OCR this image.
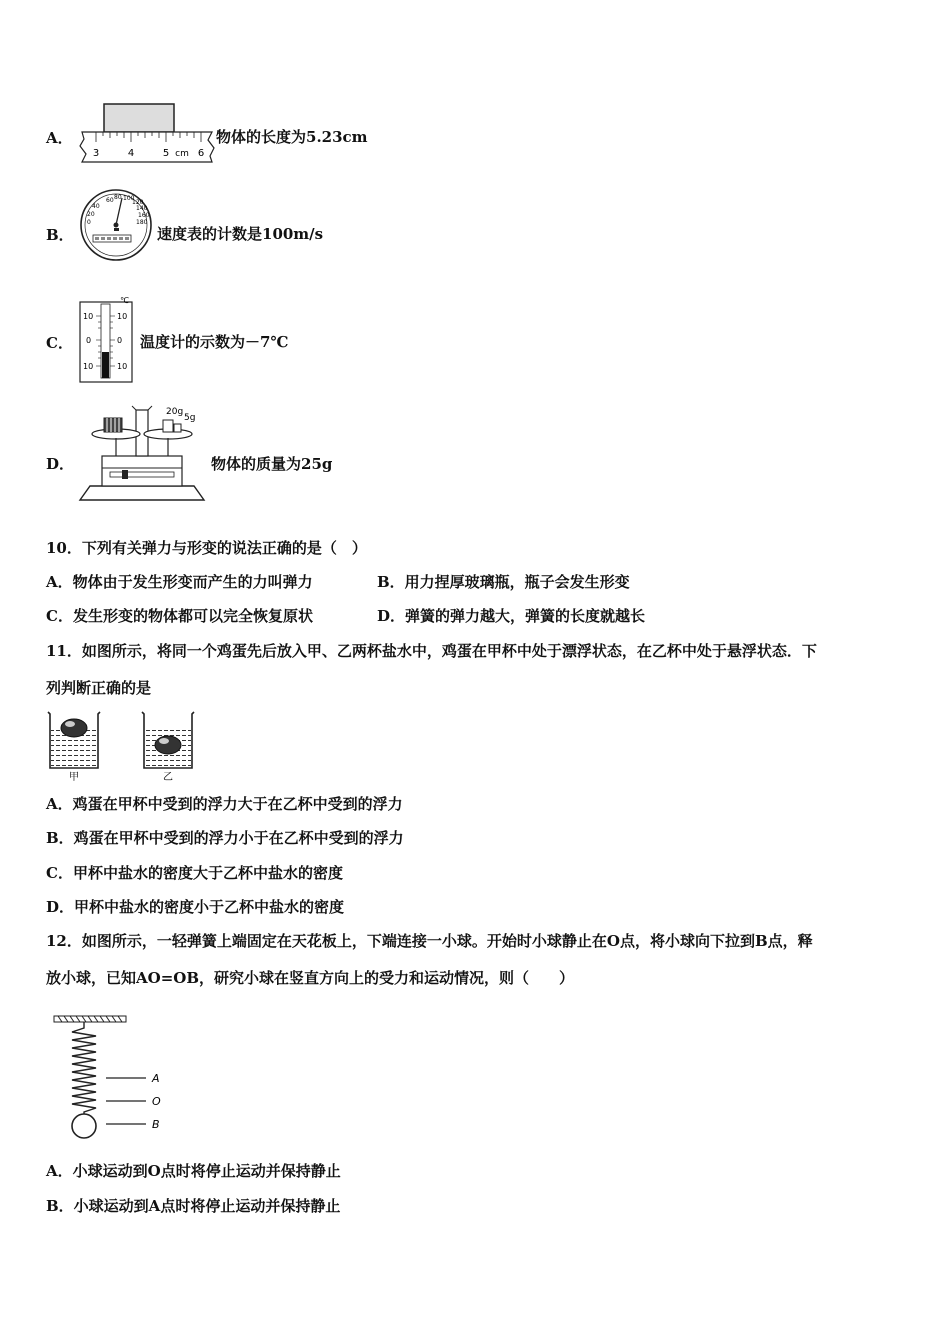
A．
3	4	5 cm 6
物体的长度为5.23cm
B．
60 80 100
120
40	140
20	160
0	180
速度表的计数是100m/s
C．
℃
10
0
10
10
0
10
温度计的示数为－7℃
D．
20g
5g
物体的质量为25g
10．下列有关弹力与形变的说法正确的是（　）
A．物体由于发生形变而产生的力叫弹力	B．用力捏厚玻璃瓶，瓶子会发生形变
C．发生形变的物体都可以完全恢复原状	D．弹簧的弹力越大，弹簧的长度就越长
11．如图所示，将同一个鸡蛋先后放入甲、乙两杯盐水中，鸡蛋在甲杯中处于漂浮状态，在乙杯中处于悬浮状态．下
列判断正确的是
甲	乙
A．鸡蛋在甲杯中受到的浮力大于在乙杯中受到的浮力
B．鸡蛋在甲杯中受到的浮力小于在乙杯中受到的浮力
C．甲杯中盐水的密度大于乙杯中盐水的密度
D．甲杯中盐水的密度小于乙杯中盐水的密度
12．如图所示，一轻弹簧上端固定在天花板上，下端连接一小球。开始时小球静止在O点，将小球向下拉到B点，释
放小球，已知AO=OB，研究小球在竖直方向上的受力和运动情况，则（　　）
A
O
B
A．小球运动到O点时将停止运动并保持静止
B．小球运动到A点时将停止运动并保持静止
